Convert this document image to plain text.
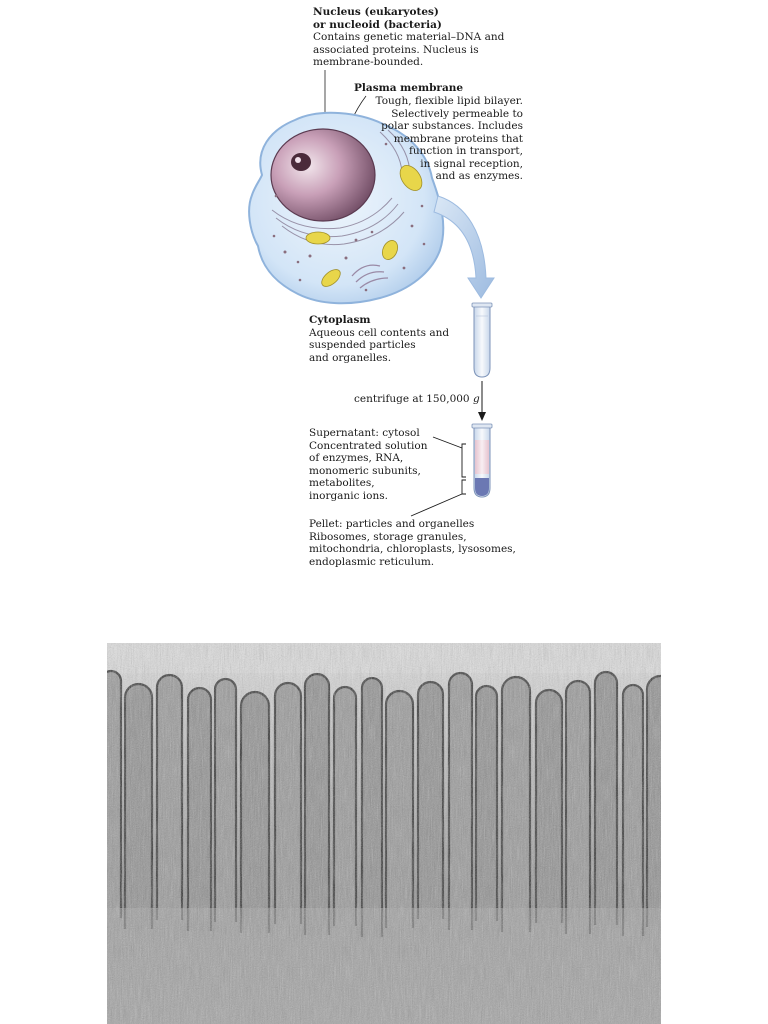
Nucleus (eukaryotes)
or nucleoid (bacteria)
Contains genetic material–DNA and
associated proteins. Nucleus is
membrane-bounded.
Plasma membrane
Tough, flexible lipid bilayer.
Selectively permeable to
polar substances. Includes
membrane proteins that
function in transport,
in signal reception,
and as enzymes.
Cytoplasm
Aqueous cell contents and
suspended particles
and organelles.
centrifuge at 150,000 g
Supernatant: cytosol
Concentrated solution
of enzymes, RNA,
monomeric subunits,
metabolites,
inorganic ions.
Pellet: particles and organelles
Ribosomes, storage granules,
mitochondria, chloroplasts, lysosomes,
endoplasmic reticulum.
